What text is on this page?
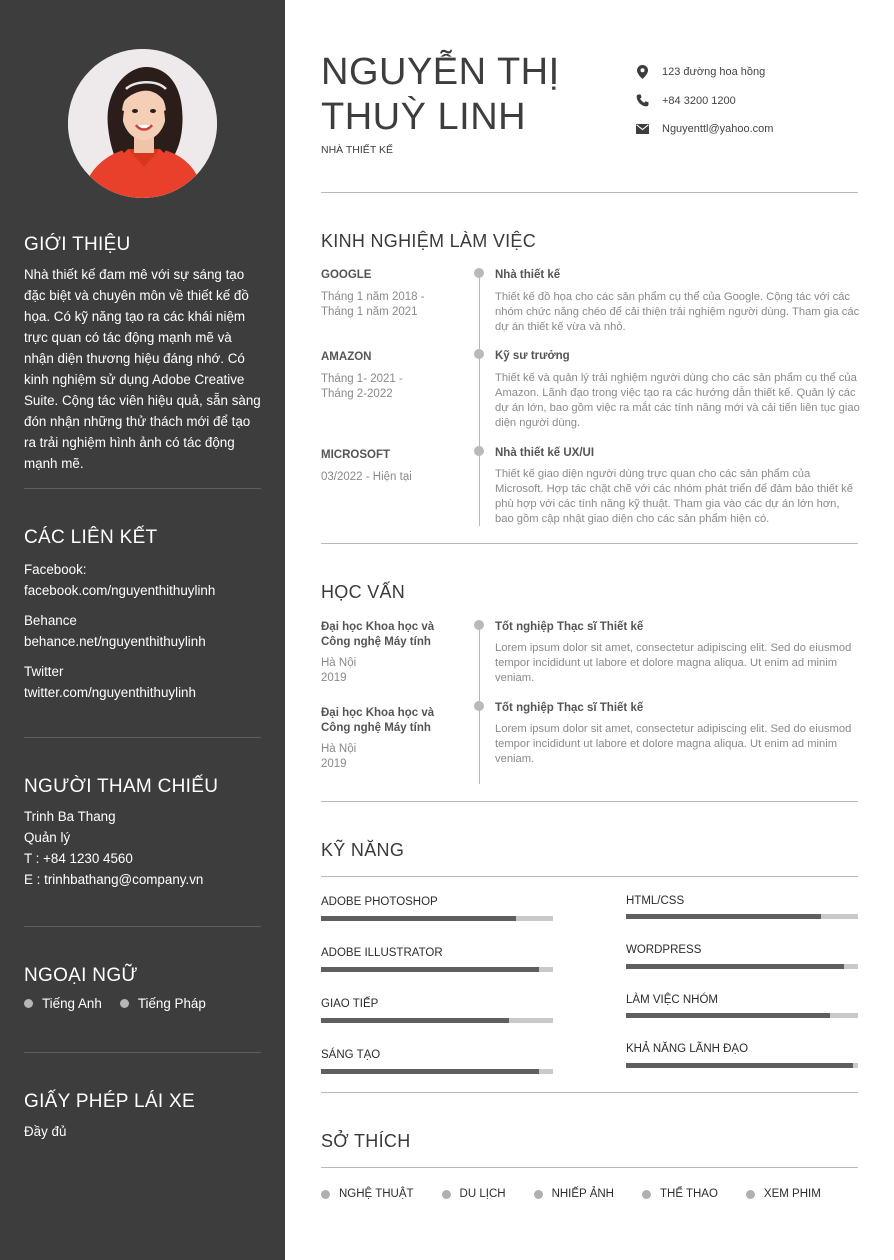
GIỚI THIỆU
Nhà thiết kế đam mê với sự sáng tạo đặc biệt và chuyên môn về thiết kế đồ họa. Có kỹ năng tạo ra các khái niệm trực quan có tác động mạnh mẽ và nhận diện thương hiệu đáng nhớ. Có kinh nghiệm sử dụng Adobe Creative Suite. Cộng tác viên hiệu quả, sẵn sàng đón nhận những thử thách mới để tạo ra trải nghiệm hình ảnh có tác động mạnh mẽ.
CÁC LIÊN KẾT
Facebook:
facebook.com/nguyenthithuylinh
Behance
behance.net/nguyenthithuylinh
Twitter
twitter.com/nguyenthithuylinh
NGƯỜI THAM CHIẾU
Trinh Ba Thang
Quản lý
T : +84 1230 4560
E : trinhbathang@company.vn
NGOẠI NGỮ
Tiếng Anh	Tiếng Pháp
GIẤY PHÉP LÁI XE
Đầy đủ
NGUYỄN THỊ
THUỲ LINH
NHÀ THIẾT KẾ
123 đường hoa hồng
+84 3200 1200
Nguyenttl@yahoo.com
KINH NGHIỆM LÀM VIỆC
GOOGLE
Tháng 1 năm 2018 -
Tháng 1 năm 2021
Nhà thiết kế
Thiết kế đồ họa cho các sản phẩm cụ thể của Google. Cộng tác với các nhóm chức năng chéo để cải thiện trải nghiệm người dùng. Tham gia các dự án thiết kế vừa và nhỏ.
AMAZON
Tháng 1- 2021 -
Tháng 2-2022
Kỹ sư trưởng
Thiết kế và quản lý trải nghiệm người dùng cho các sản phẩm cụ thể của Amazon. Lãnh đạo trong việc tạo ra các hướng dẫn thiết kế. Quản lý các dự án lớn, bao gồm việc ra mắt các tính năng mới và cải tiến liên tục giao diện người dùng.
MICROSOFT
03/2022 - Hiện tại
Nhà thiết kế UX/UI
Thiết kế giao diện người dùng trực quan cho các sản phẩm của Microsoft. Hợp tác chặt chẽ với các nhóm phát triển để đảm bảo thiết kế phù hợp với các tính năng kỹ thuật. Tham gia vào các dự án lớn hơn, bao gồm cập nhật giao diện cho các sản phẩm hiện có.
HỌC VẤN
Đại học Khoa học và
Công nghệ Máy tính
Hà Nội
2019
Tốt nghiệp Thạc sĩ Thiết kế
Lorem ipsum dolor sit amet, consectetur adipiscing elit. Sed do eiusmod tempor incididunt ut labore et dolore magna aliqua. Ut enim ad minim veniam.
Đại học Khoa học và
Công nghệ Máy tính
Hà Nội
2019
Tốt nghiệp Thạc sĩ Thiết kế
Lorem ipsum dolor sit amet, consectetur adipiscing elit. Sed do eiusmod tempor incididunt ut labore et dolore magna aliqua. Ut enim ad minim veniam.
KỸ NĂNG
ADOBE PHOTOSHOP
ADOBE ILLUSTRATOR
GIAO TIẾP
SÁNG TẠO
HTML/CSS
WORDPRESS
LÀM VIỆC NHÓM
KHẢ NĂNG LÃNH ĐẠO
SỞ THÍCH
NGHỆ THUẬT	DU LỊCH	NHIẾP ẢNH	THỂ THAO	XEM PHIM
